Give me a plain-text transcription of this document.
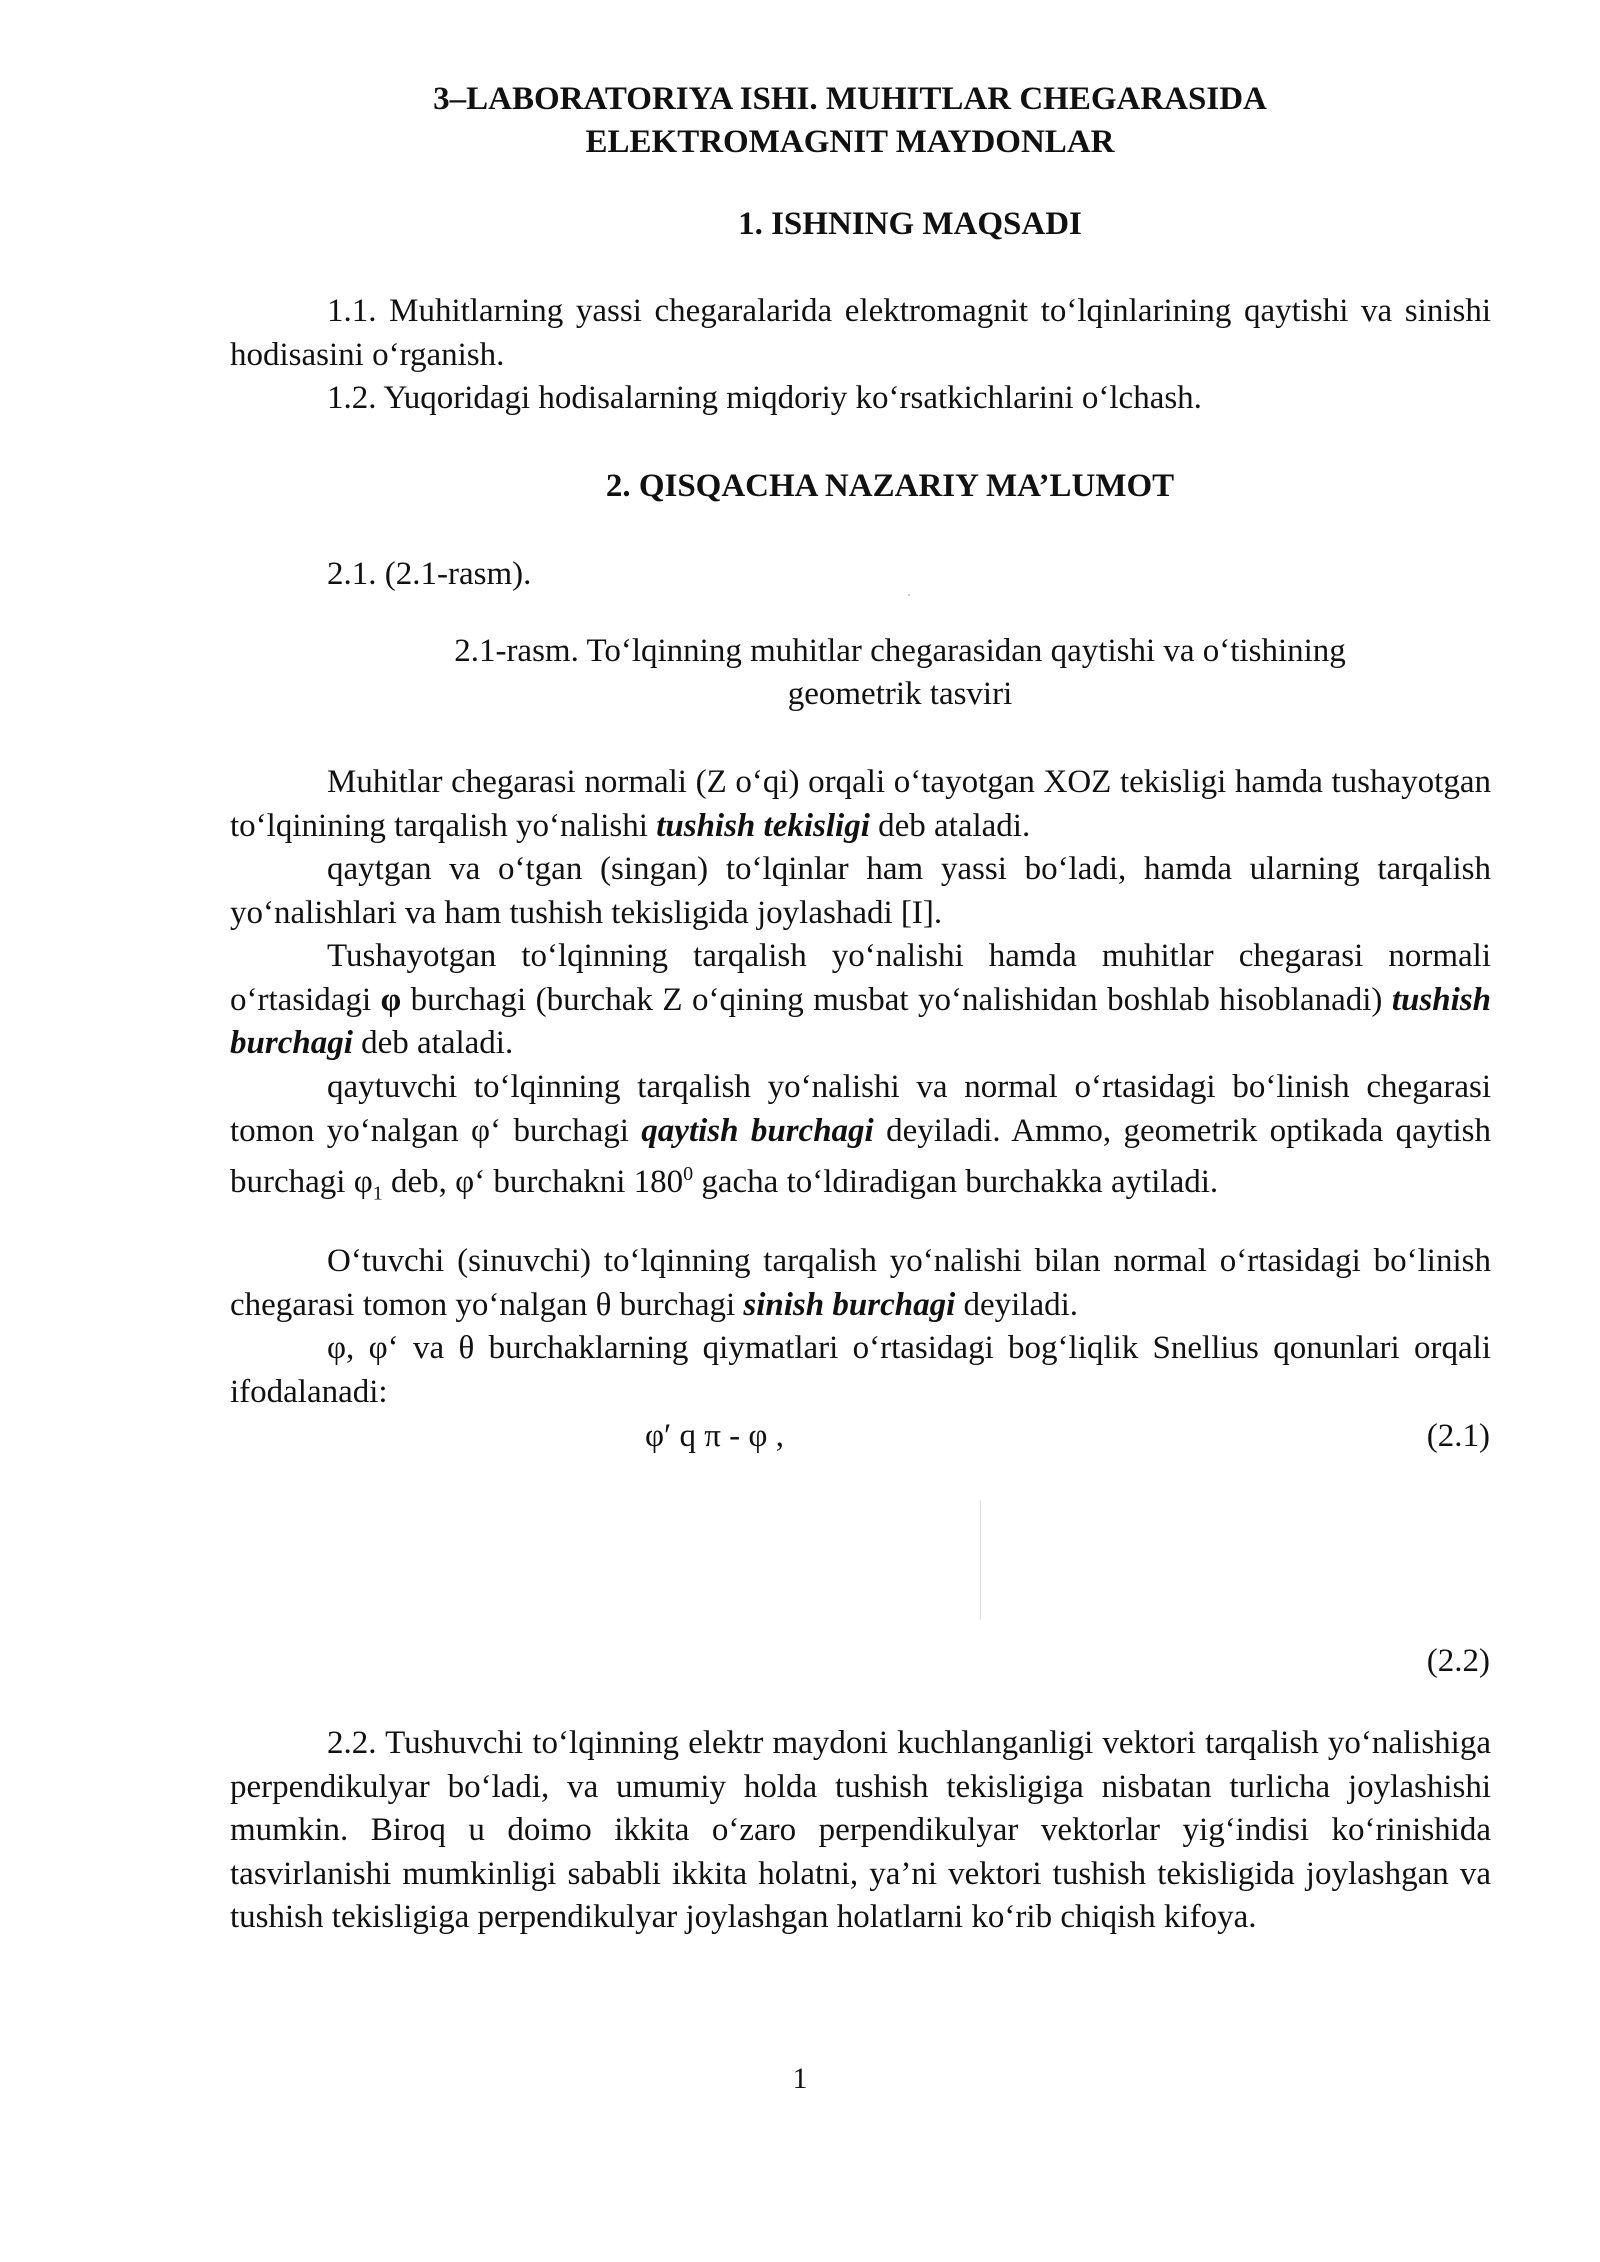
3–LABORATORIYA ISHI. MUHITLAR CHEGARASIDA

ELEKTROMAGNIT MAYDONLAR

1. ISHNING MAQSADI

1.1. Muhitlarning yassi chegaralarida elektromagnit to‘lqinlarining qaytishi va sinishi hodisasini o‘rganish.

1.2. Yuqoridagi hodisalarning miqdoriy ko‘rsatkichlarini o‘lchash.

2. QISQACHA NAZARIY MA’LUMOT

2.1. (2.1-rasm).

2.1-rasm. To‘lqinning muhitlar chegarasidan qaytishi va o‘tishining

geometrik tasviri

Muhitlar chegarasi normali (Z o‘qi) orqali o‘tayotgan XOZ tekisligi hamda tushayotgan to‘lqinining tarqalish yo‘nalishi tushish tekisligi deb ataladi.

qaytgan va o‘tgan (singan) to‘lqinlar ham yassi bo‘ladi, hamda ularning tarqalish yo‘nalishlari va ham tushish tekisligida joylashadi [I].

Tushayotgan to‘lqinning tarqalish yo‘nalishi hamda muhitlar chegarasi normali o‘rtasidagi φ burchagi (burchak Z o‘qining musbat yo‘nalishidan boshlab hisoblanadi) tushish burchagi deb ataladi.

qaytuvchi to‘lqinning tarqalish yo‘nalishi va normal o‘rtasidagi bo‘linish chegarasi tomon yo‘nalgan φ‘ burchagi qaytish burchagi deyiladi. Ammo, geometrik optikada qaytish burchagi $\varphi_1$ deb, φ‘ burchakni $180^0$ gacha to‘ldiradigan burchakka aytiladi.

O‘tuvchi (sinuvchi) to‘lqinning tarqalish yo‘nalishi bilan normal o‘rtasidagi bo‘linish chegarasi tomon yo‘nalgan θ burchagi sinish burchagi deyiladi.

φ, φ‘ va θ burchaklarning qiymatlari o‘rtasidagi bog‘liqlik Snellius qonunlari orqali ifodalanadi:

φ′ q π - φ ,	(2.1)

(2.2)

2.2. Tushuvchi to‘lqinning elektr maydoni kuchlanganligi vektori tarqalish yo‘nalishiga perpendikulyar bo‘ladi, va umumiy holda tushish tekisligiga nisbatan turlicha joylashishi mumkin. Biroq u doimo ikkita o‘zaro perpendikulyar vektorlar yig‘indisi ko‘rinishida tasvirlanishi mumkinligi sababli ikkita holatni, ya’ni vektori tushish tekisligida joylashgan va tushish tekisligiga perpendikulyar joylashgan holatlarni ko‘rib chiqish kifoya.

1
